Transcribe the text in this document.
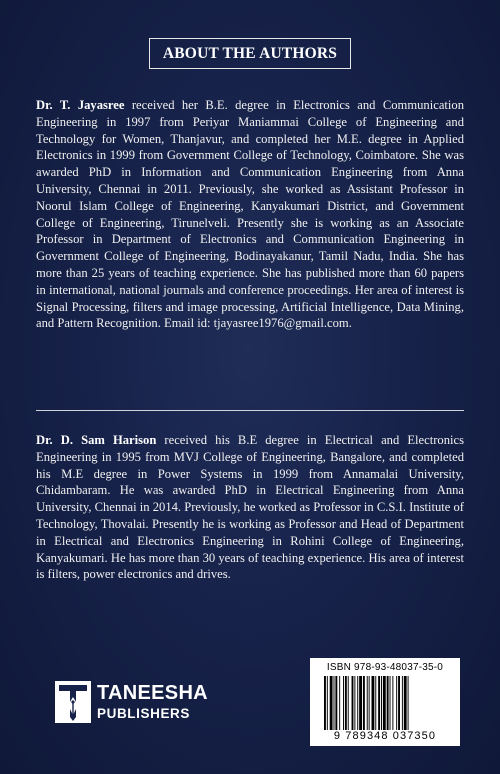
ABOUT THE AUTHORS

Dr. T. Jayasree received her B.E. degree in Electronics and Communication Engineering in 1997 from Periyar Maniammai College of Engineering and Technology for Women, Thanjavur, and completed her M.E. degree in Applied Electronics in 1999 from Government College of Technology, Coimbatore. She was awarded PhD in Information and Communication Engineering from Anna University, Chennai in 2011. Previously, she worked as Assistant Professor in Noorul Islam College of Engineering, Kanyakumari District, and Government College of Engineering, Tirunelveli. Presently she is working as an Associate Professor in Department of Electronics and Communication Engineering in Government College of Engineering, Bodinayakanur, Tamil Nadu, India. She has more than 25 years of teaching experience. She has published more than 60 papers in international, national journals and conference proceedings. Her area of interest is Signal Processing, filters and image processing, Artificial Intelligence, Data Mining, and Pattern Recognition. Email id: tjayasree1976@gmail.com.

Dr. D. Sam Harison received his B.E degree in Electrical and Electronics Engineering in 1995 from MVJ College of Engineering, Bangalore, and completed his M.E degree in Power Systems in 1999 from Annamalai University, Chidambaram. He was awarded PhD in Electrical Engineering from Anna University, Chennai in 2014. Previously, he worked as Professor in C.S.I. Institute of Technology, Thovalai. Presently he is working as Professor and Head of Department in Electrical and Electronics Engineering in Rohini College of Engineering, Kanyakumari. He has more than 30 years of teaching experience. His area of interest is filters, power electronics and drives.

TANEESHA
PUBLISHERS
ISBN 978-93-48037-35-0
9 789348 037350
